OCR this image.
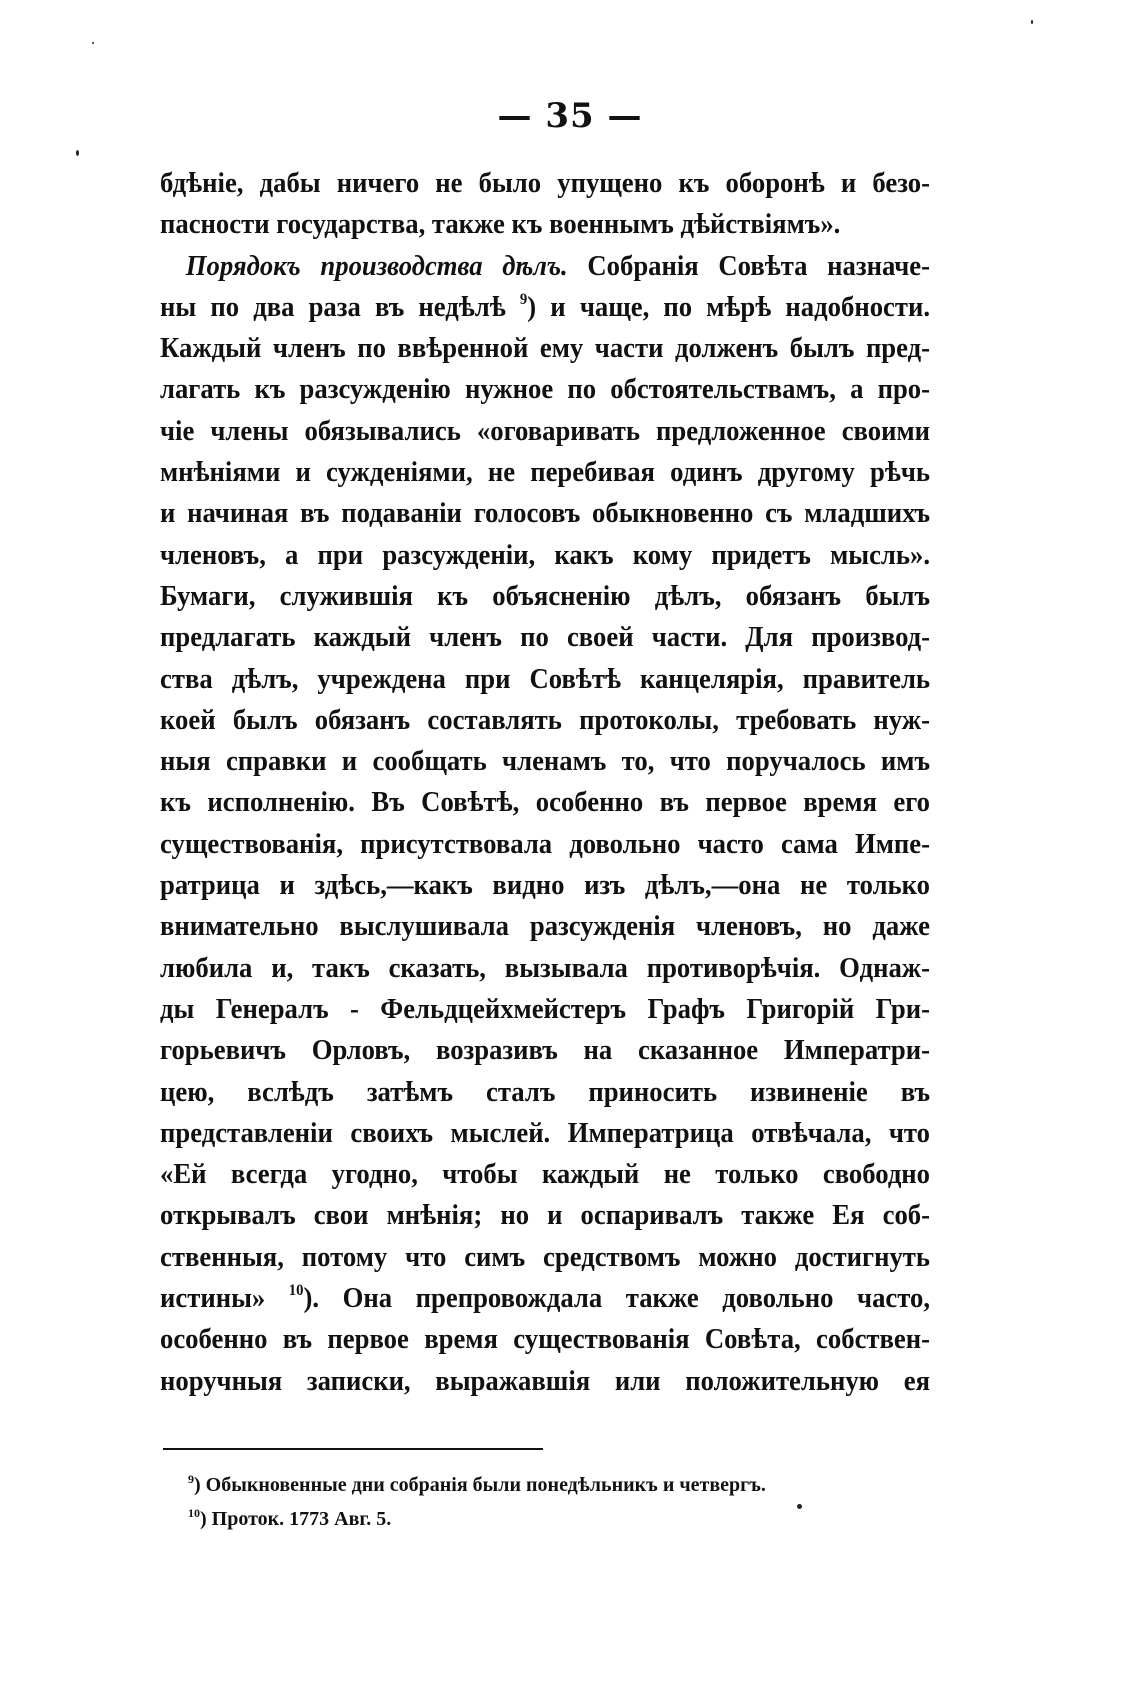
— 35 —
бдѣніе, дабы ничего не было упущено къ оборонѣ и безо-
пасности государства, также къ военнымъ дѣйствіямъ».
Порядокъ производства дѣлъ. Собранія Совѣта назначе-
ны по два раза въ недѣлѣ $^9$) и чаще, по мѣрѣ надобности.
Каждый членъ по ввѣренной ему части долженъ былъ пред-
лагать къ разсужденію нужное по обстоятельствамъ, а про-
чіе члены обязывались «оговаривать предложенное своими
мнѣніями и сужденіями, не перебивая одинъ другому рѣчь
и начиная въ подаваніи голосовъ обыкновенно съ младшихъ
членовъ, а при разсужденіи, какъ кому придетъ мысль».
Бумаги, служившія къ объясненію дѣлъ, обязанъ былъ
предлагать каждый членъ по своей части. Для производ-
ства дѣлъ, учреждена при Совѣтѣ канцелярія, правитель
коей былъ обязанъ составлять протоколы, требовать нуж-
ныя справки и сообщать членамъ то, что поручалось имъ
къ исполненію. Въ Совѣтѣ, особенно въ первое время его
существованія, присутствовала довольно часто сама Импе-
ратрица и здѣсь,—какъ видно изъ дѣлъ,—она не только
внимательно выслушивала разсужденія членовъ, но даже
любила и, такъ сказать, вызывала противорѣчія. Однаж-
ды Генералъ - Фельдцейхмейстеръ Графъ Григорій Гри-
горьевичъ Орловъ, возразивъ на сказанное Императри-
цею, вслѣдъ затѣмъ сталъ приносить извиненіе въ
представленіи своихъ мыслей. Императрица отвѣчала, что
«Ей всегда угодно, чтобы каждый не только свободно
открывалъ свои мнѣнія; но и оспаривалъ также Ея соб-
ственныя, потому что симъ средствомъ можно достигнуть
истины» $^{10}$). Она препровождала также довольно часто,
особенно въ первое время существованія Совѣта, собствен-
норучныя записки, выражавшія или положительную ея
$^9$) Обыкновенные дни собранія были понедѣльникъ и четвергъ.
$^{10}$) Проток. 1773 Авг. 5.
